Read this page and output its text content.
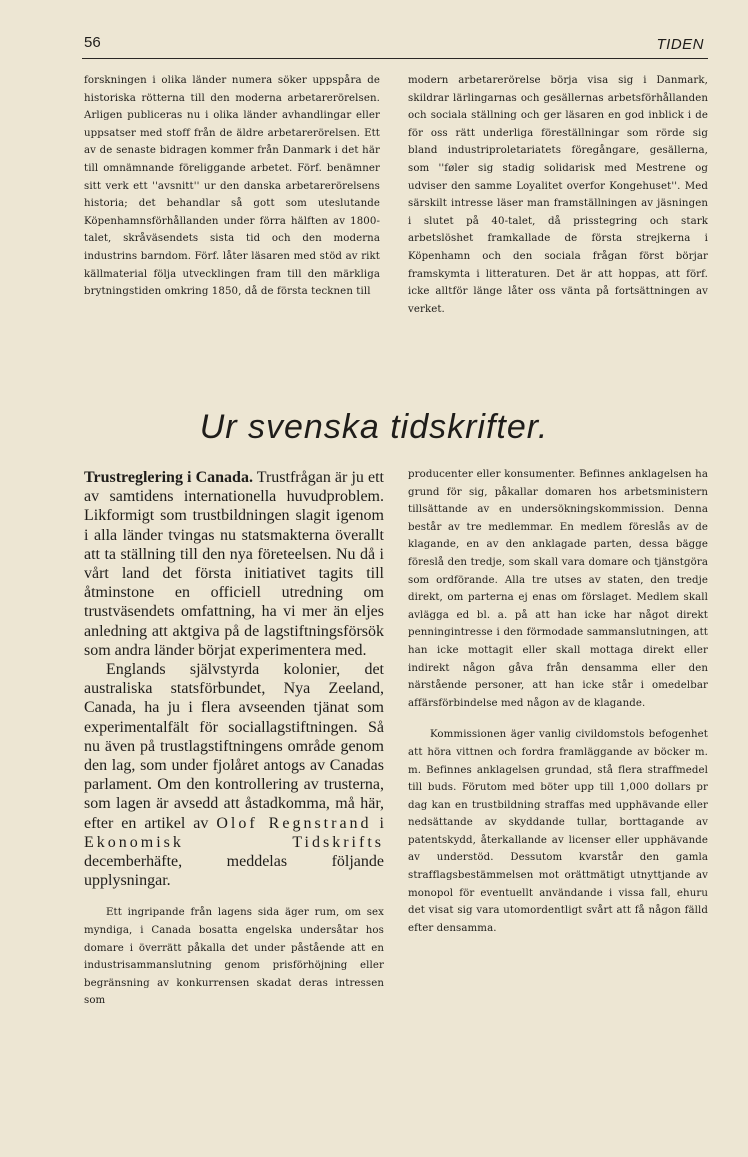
56	TIDEN

forskningen i olika länder numera söker uppspåra de historiska rötterna till den moderna arbetarerörelsen. Arligen publiceras nu i olika länder avhandlingar eller uppsatser med stoff från de äldre arbetarerörelsen. Ett av de senaste bidragen kommer från Danmark i det här till omnämnande föreliggande arbetet. Förf. benämner sitt verk ett ''avsnitt'' ur den danska arbetarerörelsens historia; det behandlar så gott som uteslutande Köpenhamnsförhållanden under förra hälften av 1800-talet, skråväsendets sista tid och den moderna industrins barndom. Förf. låter läsaren med stöd av rikt källmaterial följa utvecklingen fram till den märkliga brytningstiden omkring 1850, då de första tecknen till

modern arbetarerörelse börja visa sig i Danmark, skildrar lärlingarnas och gesällernas arbetsförhållanden och sociala ställning och ger läsaren en god inblick i de för oss rätt underliga föreställningar som rörde sig bland industriproletariatets föregångare, gesällerna, som ''føler sig stadig solidarisk med Mestrene og udviser den samme Loyalitet overfor Kongehuset''. Med särskilt intresse läser man framställningen av jäsningen i slutet på 40-talet, då prisstegring och stark arbetslöshet framkallade de första strejkerna i Köpenhamn och den sociala frågan först börjar framskymta i litteraturen. Det är att hoppas, att förf. icke alltför länge låter oss vänta på fortsättningen av verket.

Ur svenska tidskrifter.

Trustreglering i Canada. Trustfrågan är ju ett av samtidens internationella huvudproblem. Likformigt som trustbildningen slagit igenom i alla länder tvingas nu statsmakterna överallt att ta ställning till den nya företeelsen. Nu då i vårt land det första initiativet tagits till åtminstone en officiell utredning om trustväsendets omfattning, ha vi mer än eljes anledning att aktgiva på de lagstiftningsförsök som andra länder börjat experimentera med.

Englands självstyrda kolonier, det australiska statsförbundet, Nya Zeeland, Canada, ha ju i flera avseenden tjänat som experimentalfält för sociallagstiftningen. Så nu även på trustlagstiftningens område genom den lag, som under fjolåret antogs av Canadas parlament. Om den kontrollering av trusterna, som lagen är avsedd att åstadkomma, må här, efter en artikel av Olof Regnstrand i Ekonomisk Tidskrifts decemberhäfte, meddelas följande upplysningar.

Ett ingripande från lagens sida äger rum, om sex myndiga, i Canada bosatta engelska undersåtar hos domare i överrätt påkalla det under påstående att en industrisammanslutning genom prisförhöjning eller begränsning av konkurrensen skadat deras intressen som

producenter eller konsumenter. Befinnes anklagelsen ha grund för sig, påkallar domaren hos arbetsministern tillsättande av en undersökningskommission. Denna består av tre medlemmar. En medlem föreslås av de klagande, en av den anklagade parten, dessa bägge föreslå den tredje, som skall vara domare och tjänstgöra som ordförande. Alla tre utses av staten, den tredje direkt, om parterna ej enas om förslaget. Medlem skall avlägga ed bl. a. på att han icke har något direkt penningintresse i den förmodade sammanslutningen, att han icke mottagit eller skall mottaga direkt eller indirekt någon gåva från densamma eller den närstående personer, att han icke står i omedelbar affärsförbindelse med någon av de klagande.

Kommissionen äger vanlig civildomstols befogenhet att höra vittnen och fordra framläggande av böcker m. m. Befinnes anklagelsen grundad, stå flera straffmedel till buds. Förutom med böter upp till 1,000 dollars pr dag kan en trustbildning straffas med upphävande eller nedsättande av skyddande tullar, borttagande av patentskydd, återkallande av licenser eller upphävande av understöd. Dessutom kvarstår den gamla strafflagsbestämmelsen mot orättmätigt utnyttjande av monopol för eventuellt användande i vissa fall, ehuru det visat sig vara utomordentligt svårt att få någon fälld efter densamma.
